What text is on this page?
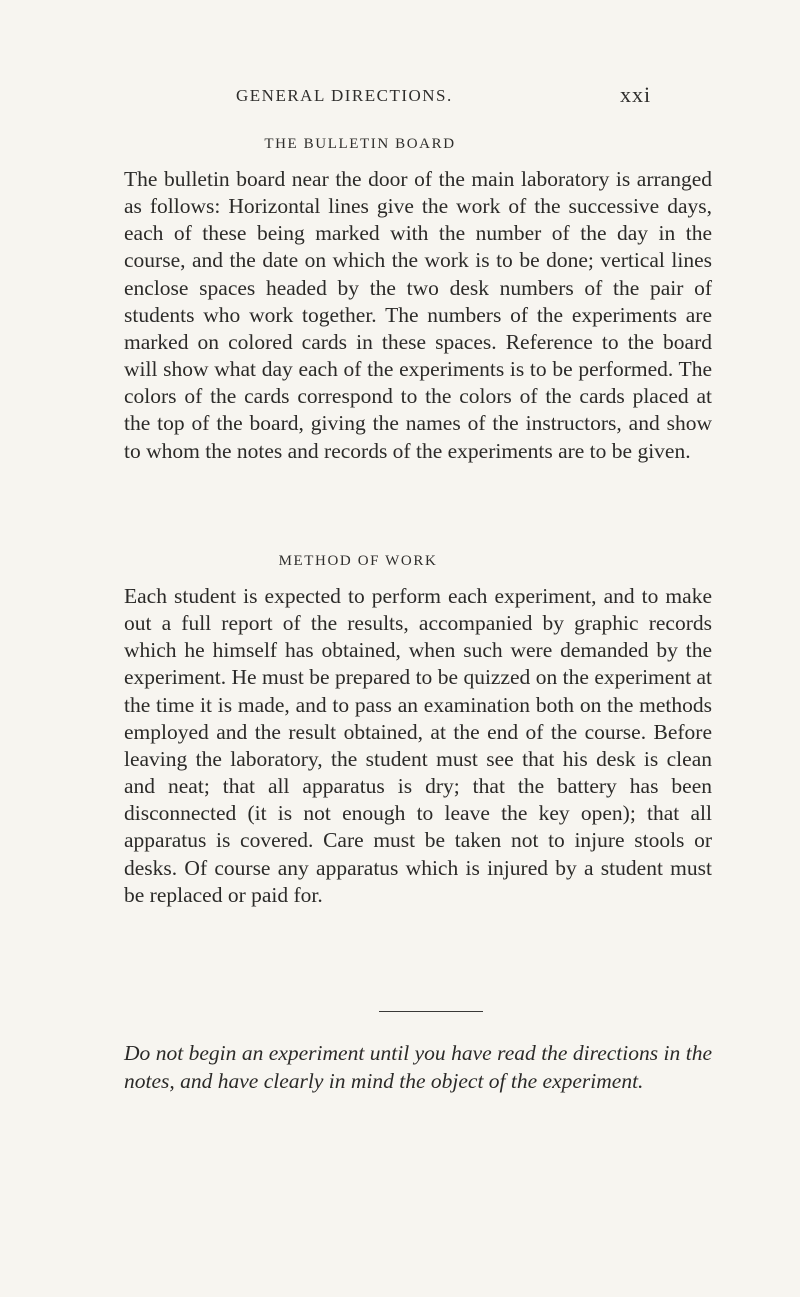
GENERAL DIRECTIONS.	xxi
THE BULLETIN BOARD

The bulletin board near the door of the main laboratory is arranged as follows: Horizontal lines give the work of the successive days, each of these being marked with the number of the day in the course, and the date on which the work is to be done; vertical lines enclose spaces headed by the two desk numbers of the pair of students who work together. The numbers of the experiments are marked on colored cards in these spaces. Reference to the board will show what day each of the experiments is to be performed. The colors of the cards correspond to the colors of the cards placed at the top of the board, giving the names of the instructors, and show to whom the notes and records of the experiments are to be given.

METHOD OF WORK

Each student is expected to perform each experiment, and to make out a full report of the results, accompanied by graphic records which he himself has obtained, when such were demanded by the experiment. He must be prepared to be quizzed on the experiment at the time it is made, and to pass an examination both on the methods employed and the result obtained, at the end of the course. Before leaving the laboratory, the student must see that his desk is clean and neat; that all apparatus is dry; that the battery has been disconnected (it is not enough to leave the key open); that all apparatus is covered. Care must be taken not to injure stools or desks. Of course any apparatus which is injured by a student must be replaced or paid for.

Do not begin an experiment until you have read the directions in the notes, and have clearly in mind the object of the experiment.
